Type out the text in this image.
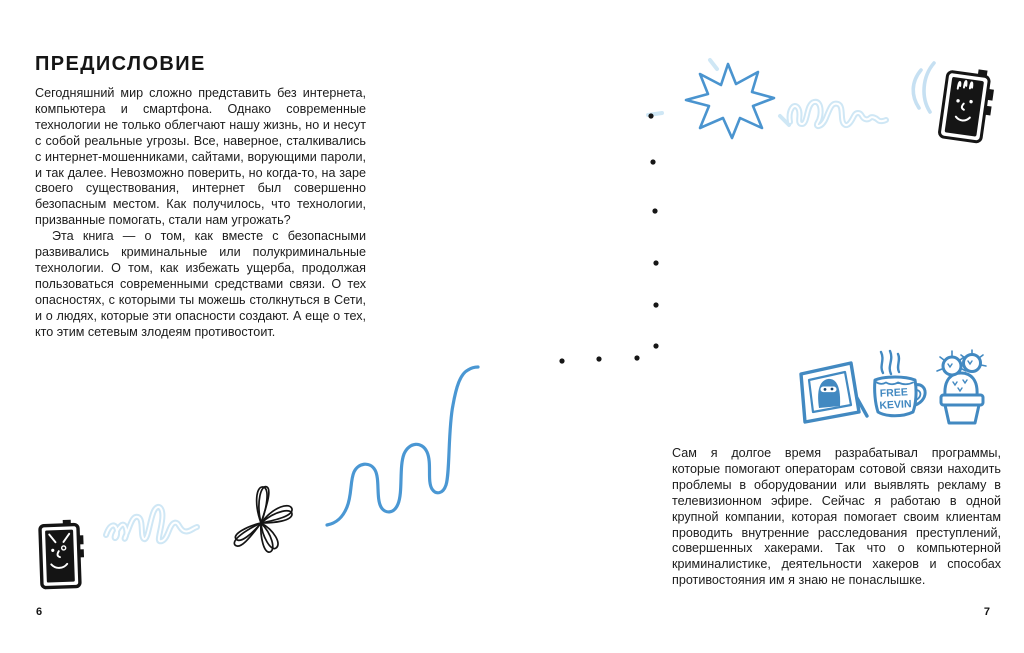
ПРЕДИСЛОВИЕ

Сегодняшний мир сложно представить без интернета, компьютера и смартфона. Однако современные технологии не только облегчают нашу жизнь, но и несут с собой реальные угрозы. Все, наверное, сталкивались с интернет-мошенниками, сайтами, ворующими пароли, и так далее. Невозможно поверить, но когда-то, на заре своего существования, интернет был совершенно безопасным местом. Как получилось, что технологии, призванные помогать, стали нам угрожать?

Эта книга — о том, как вместе с безопасными развивались криминальные или полукриминальные технологии. О том, как избежать ущерба, продолжая пользоваться современными средствами связи. О тех опасностях, с которыми ты можешь столкнуться в Сети, и о людях, которые эти опасности создают. А еще о тех, кто этим сетевым злодеям противостоит.

6

Сам я долгое время разрабатывал программы, которые помогают операторам сотовой связи находить проблемы в оборудовании или выявлять рекламу в телевизионном эфире. Сейчас я работаю в одной крупной компании, которая помогает своим клиентам проводить внутренние расследования преступлений, совершенных хакерами. Так что о компьютерной криминалистике, деятельности хакеров и способах противостояния им я знаю не понаслышке.

7
FREE
KEVIN
